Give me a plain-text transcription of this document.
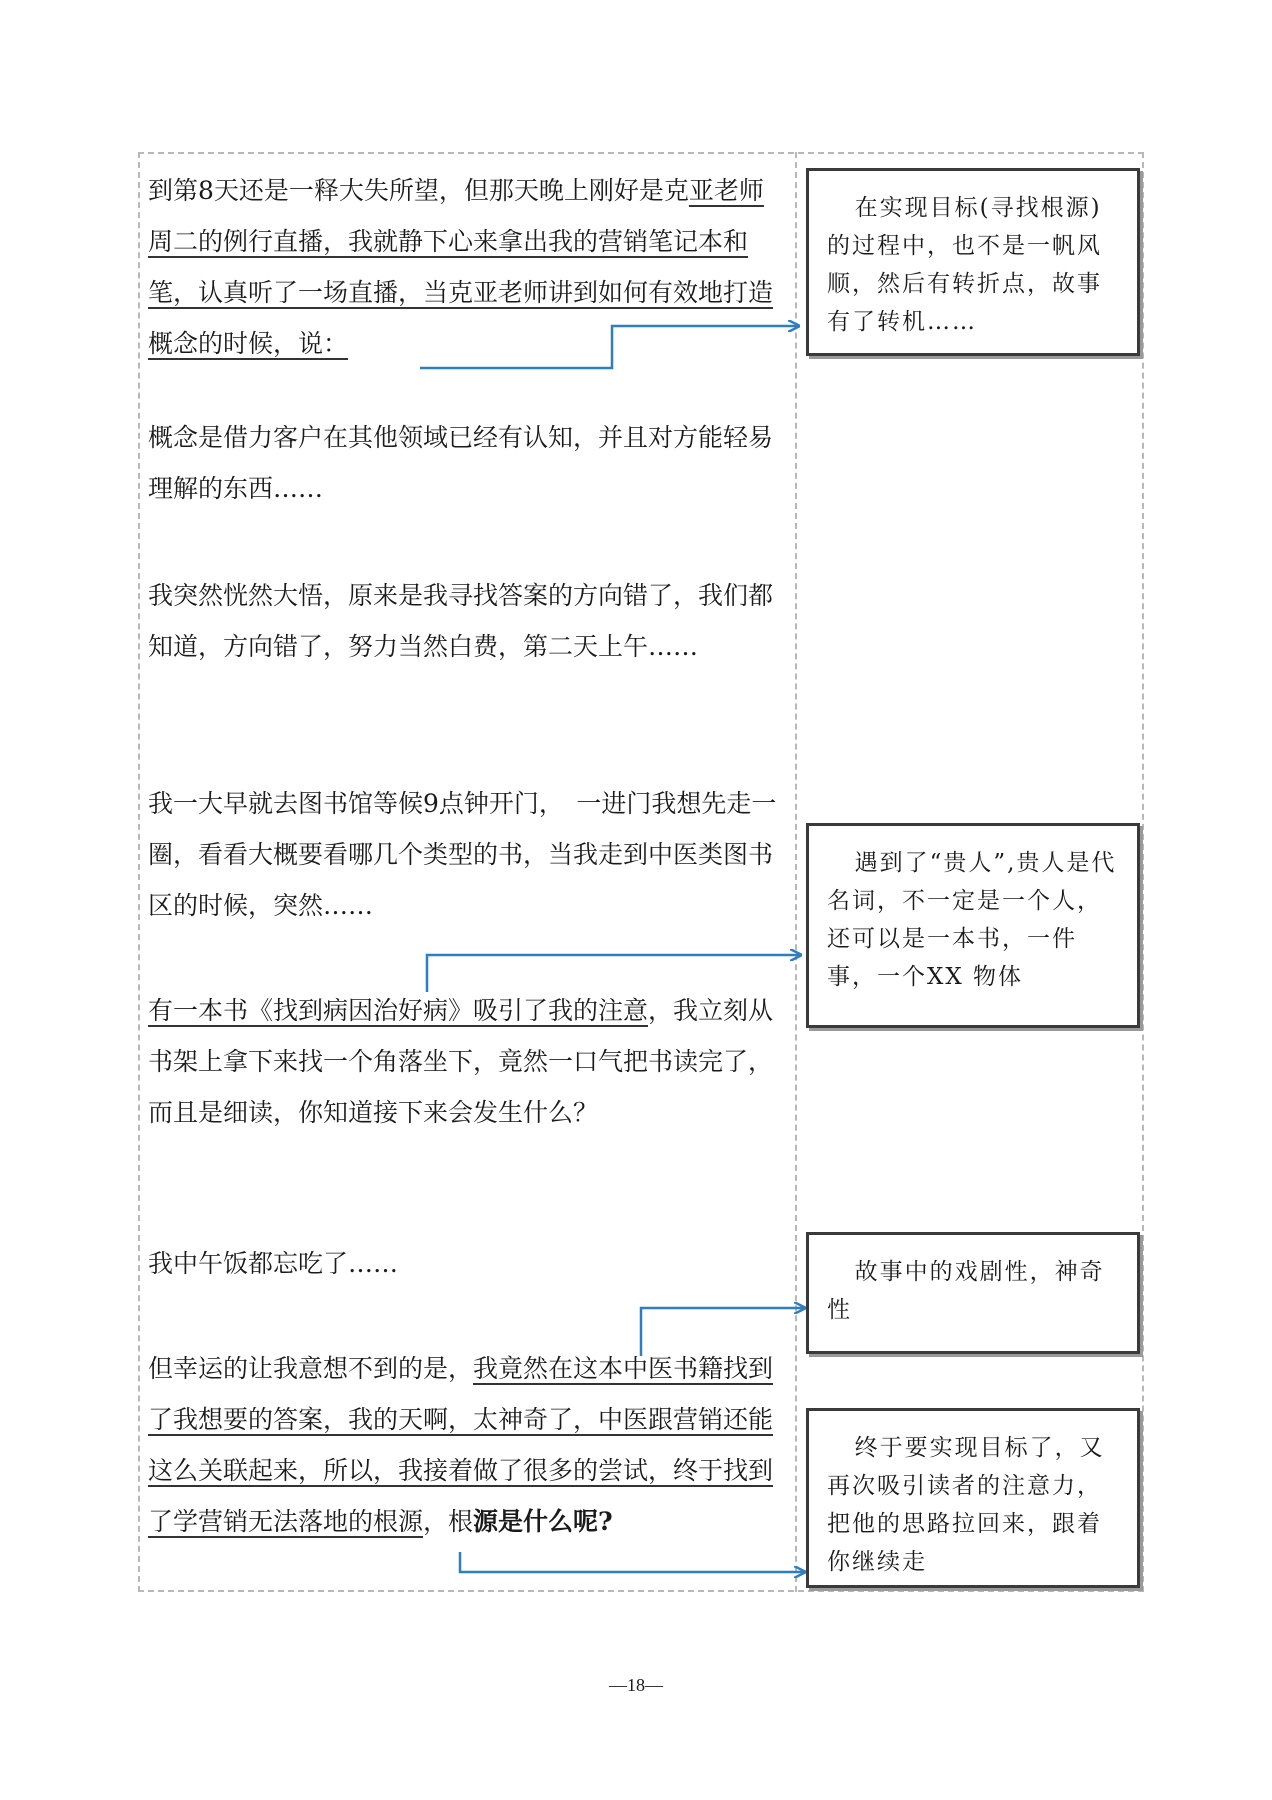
到第8天还是一释大失所望，但那天晚上刚好是克亚老师周二的例行直播，我就静下心来拿出我的营销笔记本和笔，认真听了一场直播，当克亚老师讲到如何有效地打造概念的时候，说：

概念是借力客户在其他领域已经有认知，并且对方能轻易理解的东西……

我突然恍然大悟，原来是我寻找答案的方向错了，我们都知道，方向错了，努力当然白费，第二天上午……

我一大早就去图书馆等候9点钟开门，　一进门我想先走一圈，看看大概要看哪几个类型的书，当我走到中医类图书区的时候，突然……

有一本书《找到病因治好病》吸引了我的注意，我立刻从书架上拿下来找一个角落坐下，竟然一口气把书读完了，而且是细读，你知道接下来会发生什么？

我中午饭都忘吃了……

但幸运的让我意想不到的是，我竟然在这本中医书籍找到了我想要的答案，我的天啊，太神奇了，中医跟营销还能这么关联起来，所以，我接着做了很多的尝试，终于找到了学营销无法落地的根源，根源是什么呢?

在实现目标(寻找根源)的过程中，也不是一帆风顺，然后有转折点，故事有了转机……

遇到了“贵人”,贵人是代名词，不一定是一个人，还可以是一本书，一件事，一个XX 物体

故事中的戏剧性，神奇性

终于要实现目标了，又再次吸引读者的注意力，把他的思路拉回来，跟着你继续走

—18—
